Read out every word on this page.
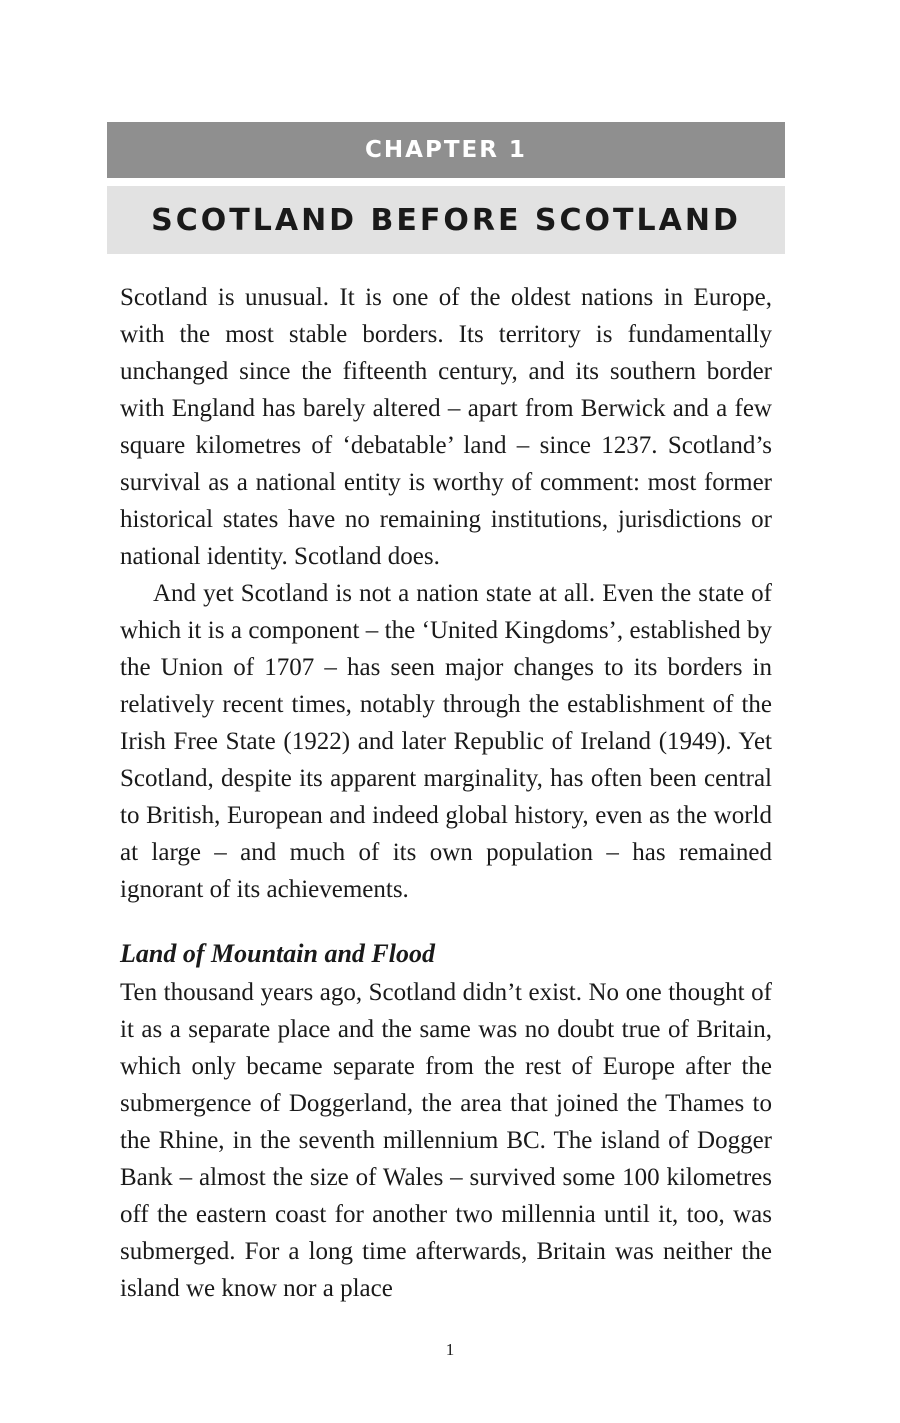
CHAPTER 1
SCOTLAND BEFORE SCOTLAND

Scotland is unusual. It is one of the oldest nations in Europe, with the most stable borders. Its territory is fundamentally unchanged since the fifteenth century, and its southern border with England has barely altered – apart from Berwick and a few square kilometres of ‘debatable’ land – since 1237. Scotland’s survival as a national entity is worthy of comment: most former historical states have no remaining institutions, jurisdictions or national identity. Scotland does.

And yet Scotland is not a nation state at all. Even the state of which it is a component – the ‘United Kingdoms’, established by the Union of 1707 – has seen major changes to its borders in relatively recent times, notably through the establishment of the Irish Free State (1922) and later Republic of Ireland (1949). Yet Scotland, despite its apparent marginality, has often been central to British, European and indeed global history, even as the world at large – and much of its own population – has remained ignorant of its achievements.

Land of Mountain and Flood

Ten thousand years ago, Scotland didn’t exist. No one thought of it as a separate place and the same was no doubt true of Britain, which only became separate from the rest of Europe after the submergence of Doggerland, the area that joined the Thames to the Rhine, in the seventh millennium BC. The island of Dogger Bank – almost the size of Wales – survived some 100 kilometres off the eastern coast for another two millennia until it, too, was submerged. For a long time afterwards, Britain was neither the island we know nor a place

1
